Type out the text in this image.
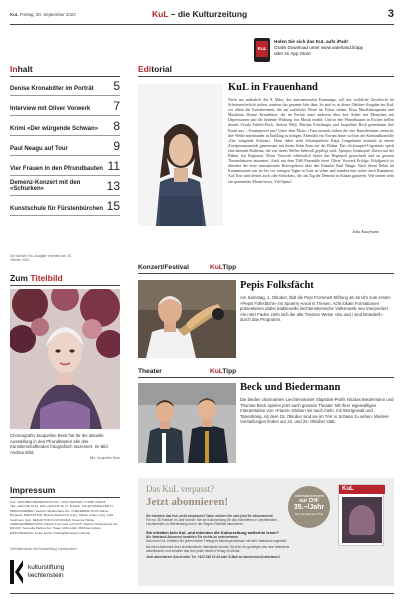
KuL Freitag, 30. September 2022	KuL – die Kulturzeitung	3
KuL
Holen Sie sich das KuL aufs iPad!
Gratis Download unter www.vaterland.li/app
oder im App Store
Inhalt
Denise Kronabitter im Porträt 5
Interview mit Oliver Vorwerk 7
Krimi «Der würgende Schwan» 8
Paul Neagu auf Tour	9
Vier Frauen in den Pfrundbauten 11
Demenz-Konzert mit den «Schurken»	13
Kunstschule für Fürstenbürchen 15
Die nächste KuL-Ausgabe erscheint am 28. Oktober 2022
Editorial
KuL in Frauenhand
Nicht nur anlässlich des 8. März, des internationalen Frauentags, soll das weibliche Geschlecht im Scheinwerferlicht stehen, sondern das gesamte Jahr über. So sind es in dieser Oktober-Ausgabe des KuL vor allem die Künstlerinnen, die auf natürliche Weise im Fokus stehen. Etwa Musiktherapeutin und Musikerin Denise Kronabitter, die im Porträt unter anderem über ihre Arbeit mit Menschen mit Depressionen und die heilende Wirkung von Musik erzählt. Und in den Pfrundbauten in Eschen stellen derzeit Ursula Federli-Frick, Andrea Wild, Martina Frischinger und Jacqueline Beck gemeinsam ihre Kunst aus – Frauenpower pur! Unter dem Motto «Turn around» haben die vier Künstlerinnen versucht, ihre Werke miteinander in Einklang zu bringen. Ebenfalls ein Novum bietet sich bei der Kriminalkomödie «Der würgende Schwan»: Denn dabei steht Schauspielerin Katja Langenbahn erstmals in einem Zweipersonenstück gemeinsam mit ihrem Sohn Zeno auf der Bühne. Das «Schauspiel-Urgestein» spielt eine alternde Ballerina, die von ihrem Neffen liebevoll gepflegt wird. Apropos Schauspiel: Zuerst auf der Bühne, hat Regisseur Oliver Vorwerk schliesslich hinter das Regiepult gewechselt und an grossen Theaterhäusern inszeniert. Auch mit dem TAK-Ensemble feiert Oliver Vorwerk Erfolge. Erfolgreich ist überdies die erste internationale Retrospektive über den Künstler Paul Neagu. Nach ihrem Debüt im Kunstmuseum war sie bis vor wenigen Tagen in Graz zu sehen und wandert nun weiter nach Rumänien. Auf Tour sind derzeit auch «die Schurken», die am Tag der Demenz in Schaan gastieren. Wie immer steht ein spannender Monat bevor. Viel Spass!
Julia Kaufmann
Zum Titelbild
Choreografin Jacqueline Beck hat für die aktuelle Ausstellung in den Pfrundbauten alle drei Künstlerschaffenden fotografisch inszeniert. Im Bild Andrea Wild.
Bild: Jacqueline Beck
Konzert/Festival	KuLTipp
Pepis Folksfächt
Am Samstag, 1. Oktober, lädt die Pepi Frommelt Stiftung ab 16 Uhr zum ersten «Pepis Folksfächt» ins Spoerry-Areal in Triesen. Acht lokale Formationen präsentieren dabei traditionelle liechtensteinische Volksmusik neu interpretiert. Als roter Faden zieht sich die alte Triesner Weise «Du und i sind Brüederli» durch das Programm.
Theater	KuLTipp
Beck und Biedermann
Die beiden charmanten Liechtensteiner Slapstick-Profis Nicolas Biedermann und Thomas Beck spielen jetzt auch grosses Theater. Mit ihrer eigenwilligen Interpretation von «Faust» streben sie nach mehr, mit Wortgewalt und Tatendrang. Ab dem 15. Oktober sind sie im TAK in Schaan zu sehen. Weitere Vorstellungen finden am 22. und 25. Oktober statt.
Impressum
KuL: VADUZER MEDIENHAUS AG, LOVA-CENTER, LI-9490 VADUZ, TEL.+423 236 16 16, FAX +423 236 16 17, E-MAIL: KUL@VATERLAND.LI. HERAUSGEBER: Vaduzer Medienhaus AG. CHEFREDAKTION: Daniel Bargetze. REDAKTION: Bettina Stahl-Frick (Ltg.), Miriam Kaiser (mk), Julia Kaufmann (juk). REDAKTION KULTURAMA: Susanne Hanke. ANZEIGENBERATUNG: Patrick Frommelt. LAYOUT: Vaduzer Medienhaus AG. DRUCK: Somedia Partner AG, Haag. AUFLAGE: 4500 Exemplare. ERSCHEINUNG: Jeden letzten Freitag/Samstag im Monat.
Gefördert durch die Kulturstiftung Liechtenstein
kulturstiftung
liechtenstein
Das KuL verpasst?
Jetzt abonnieren!
Sie möchten das KuL nicht verpassen? Dann sichern Sie sich jetzt Ihr Abonnement!
Für nur 35 Franken im Jahr können Sie die Kulturzeitung für das Kulturleben in Liechtenstein, Liechtenstein, in Werdenberg und in der Region Rheintal abonnieren.
Sie erhalten kein KuL und möchten die Kulturzeitung weiterhin lesen?
Als Vaterland-Abonnent bezahlen Sie nichts zu unternehmen.
Das neue KuL erhalten Sie jeden letzten Freitag im Monat gemeinsam mit dem Vaterland zugestellt.
Als Nicht-Abonnent des Liechtensteiner Vaterlands können Sie jetzt ein günstiges Abo des Vaterlands abschliessen und erhalten das KuL jeden letzten Freitag im Monat.
Jetzt abonnieren! Anruf unter Tel. +423 236 16 44 oder E-Mail an aboservice@vaterland.li
Jahresabonnement
nur CHF
35.–/Jahr
bei Versand per Post
KuL
